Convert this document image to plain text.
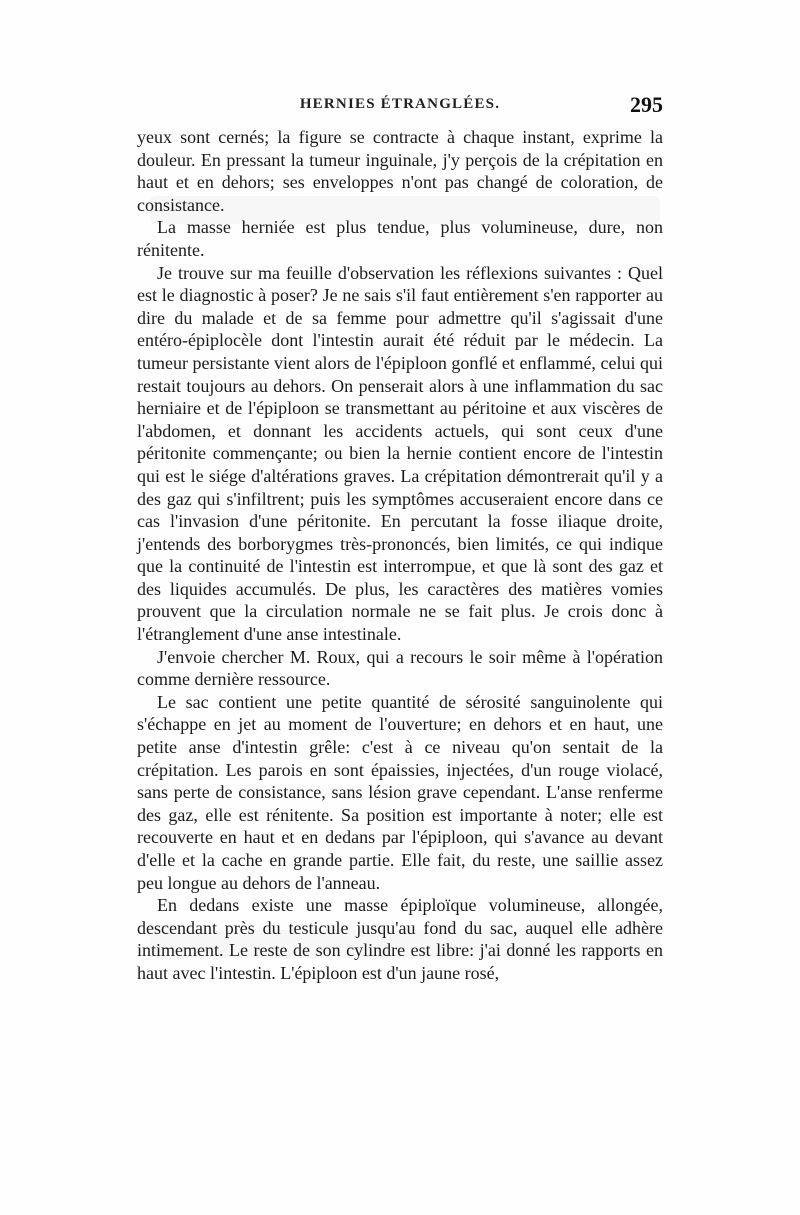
HERNIES ÉTRANGLÉES.	295

yeux sont cernés; la figure se contracte à chaque instant, exprime la douleur. En pressant la tumeur inguinale, j'y perçois de la crépitation en haut et en dehors; ses enveloppes n'ont pas changé de coloration, de consistance.

La masse herniée est plus tendue, plus volumineuse, dure, non rénitente.

Je trouve sur ma feuille d'observation les réflexions suivantes : Quel est le diagnostic à poser? Je ne sais s'il faut entièrement s'en rapporter au dire du malade et de sa femme pour admettre qu'il s'agissait d'une entéro-épiplocèle dont l'intestin aurait été réduit par le médecin. La tumeur persistante vient alors de l'épiploon gonflé et enflammé, celui qui restait toujours au dehors. On penserait alors à une inflammation du sac herniaire et de l'épiploon se transmettant au péritoine et aux viscères de l'abdomen, et donnant les accidents actuels, qui sont ceux d'une péritonite commençante; ou bien la hernie contient encore de l'intestin qui est le siége d'altérations graves. La crépitation démontrerait qu'il y a des gaz qui s'infiltrent; puis les symptômes accuseraient encore dans ce cas l'invasion d'une péritonite. En percutant la fosse iliaque droite, j'entends des borborygmes très-prononcés, bien limités, ce qui indique que la continuité de l'intestin est interrompue, et que là sont des gaz et des liquides accumulés. De plus, les caractères des matières vomies prouvent que la circulation normale ne se fait plus. Je crois donc à l'étranglement d'une anse intestinale.

J'envoie chercher M. Roux, qui a recours le soir même à l'opération comme dernière ressource.

Le sac contient une petite quantité de sérosité sanguinolente qui s'échappe en jet au moment de l'ouverture; en dehors et en haut, une petite anse d'intestin grêle: c'est à ce niveau qu'on sentait de la crépitation. Les parois en sont épaissies, injectées, d'un rouge violacé, sans perte de consistance, sans lésion grave cependant. L'anse renferme des gaz, elle est rénitente. Sa position est importante à noter; elle est recouverte en haut et en dedans par l'épiploon, qui s'avance au devant d'elle et la cache en grande partie. Elle fait, du reste, une saillie assez peu longue au dehors de l'anneau.

En dedans existe une masse épiploïque volumineuse, allongée, descendant près du testicule jusqu'au fond du sac, auquel elle adhère intimement. Le reste de son cylindre est libre: j'ai donné les rapports en haut avec l'intestin. L'épiploon est d'un jaune rosé,
